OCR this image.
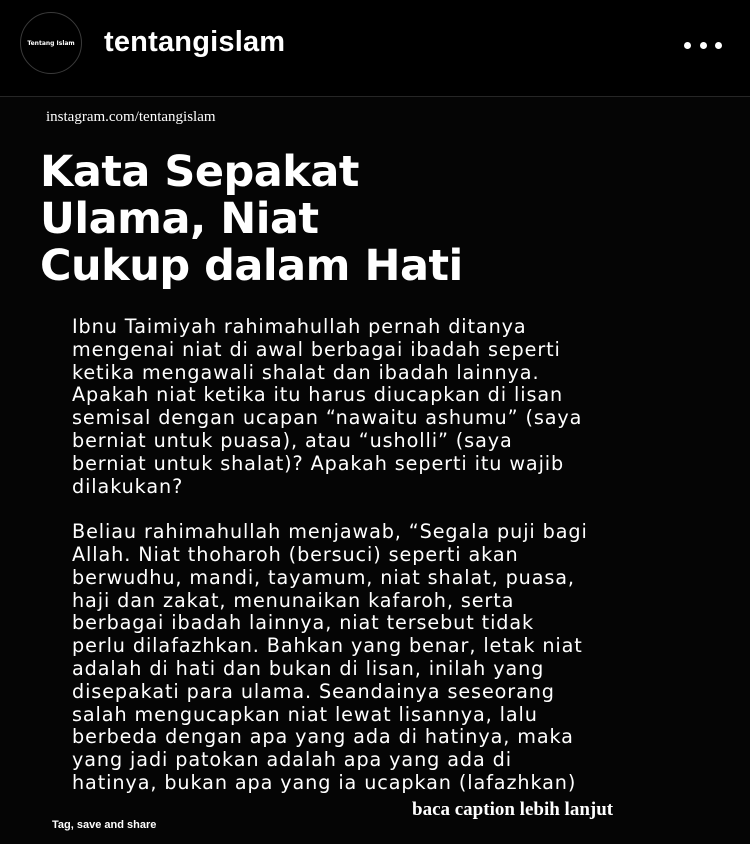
Tentang Islam tentangislam
instagram.com/tentangislam
Kata Sepakat
Ulama, Niat
Cukup dalam Hati
Ibnu Taimiyah rahimahullah pernah ditanya
mengenai niat di awal berbagai ibadah seperti
ketika mengawali shalat dan ibadah lainnya.
Apakah niat ketika itu harus diucapkan di lisan
semisal dengan ucapan “nawaitu ashumu” (saya
berniat untuk puasa), atau “usholli” (saya
berniat untuk shalat)? Apakah seperti itu wajib
dilakukan?
Beliau rahimahullah menjawab, “Segala puji bagi
Allah. Niat thoharoh (bersuci) seperti akan
berwudhu, mandi, tayamum, niat shalat, puasa,
haji dan zakat, menunaikan kafaroh, serta
berbagai ibadah lainnya, niat tersebut tidak
perlu dilafazhkan. Bahkan yang benar, letak niat
adalah di hati dan bukan di lisan, inilah yang
disepakati para ulama. Seandainya seseorang
salah mengucapkan niat lewat lisannya, lalu
berbeda dengan apa yang ada di hatinya, maka
yang jadi patokan adalah apa yang ada di
hatinya, bukan apa yang ia ucapkan (lafazhkan)
baca caption lebih lanjut
Tag, save and share
